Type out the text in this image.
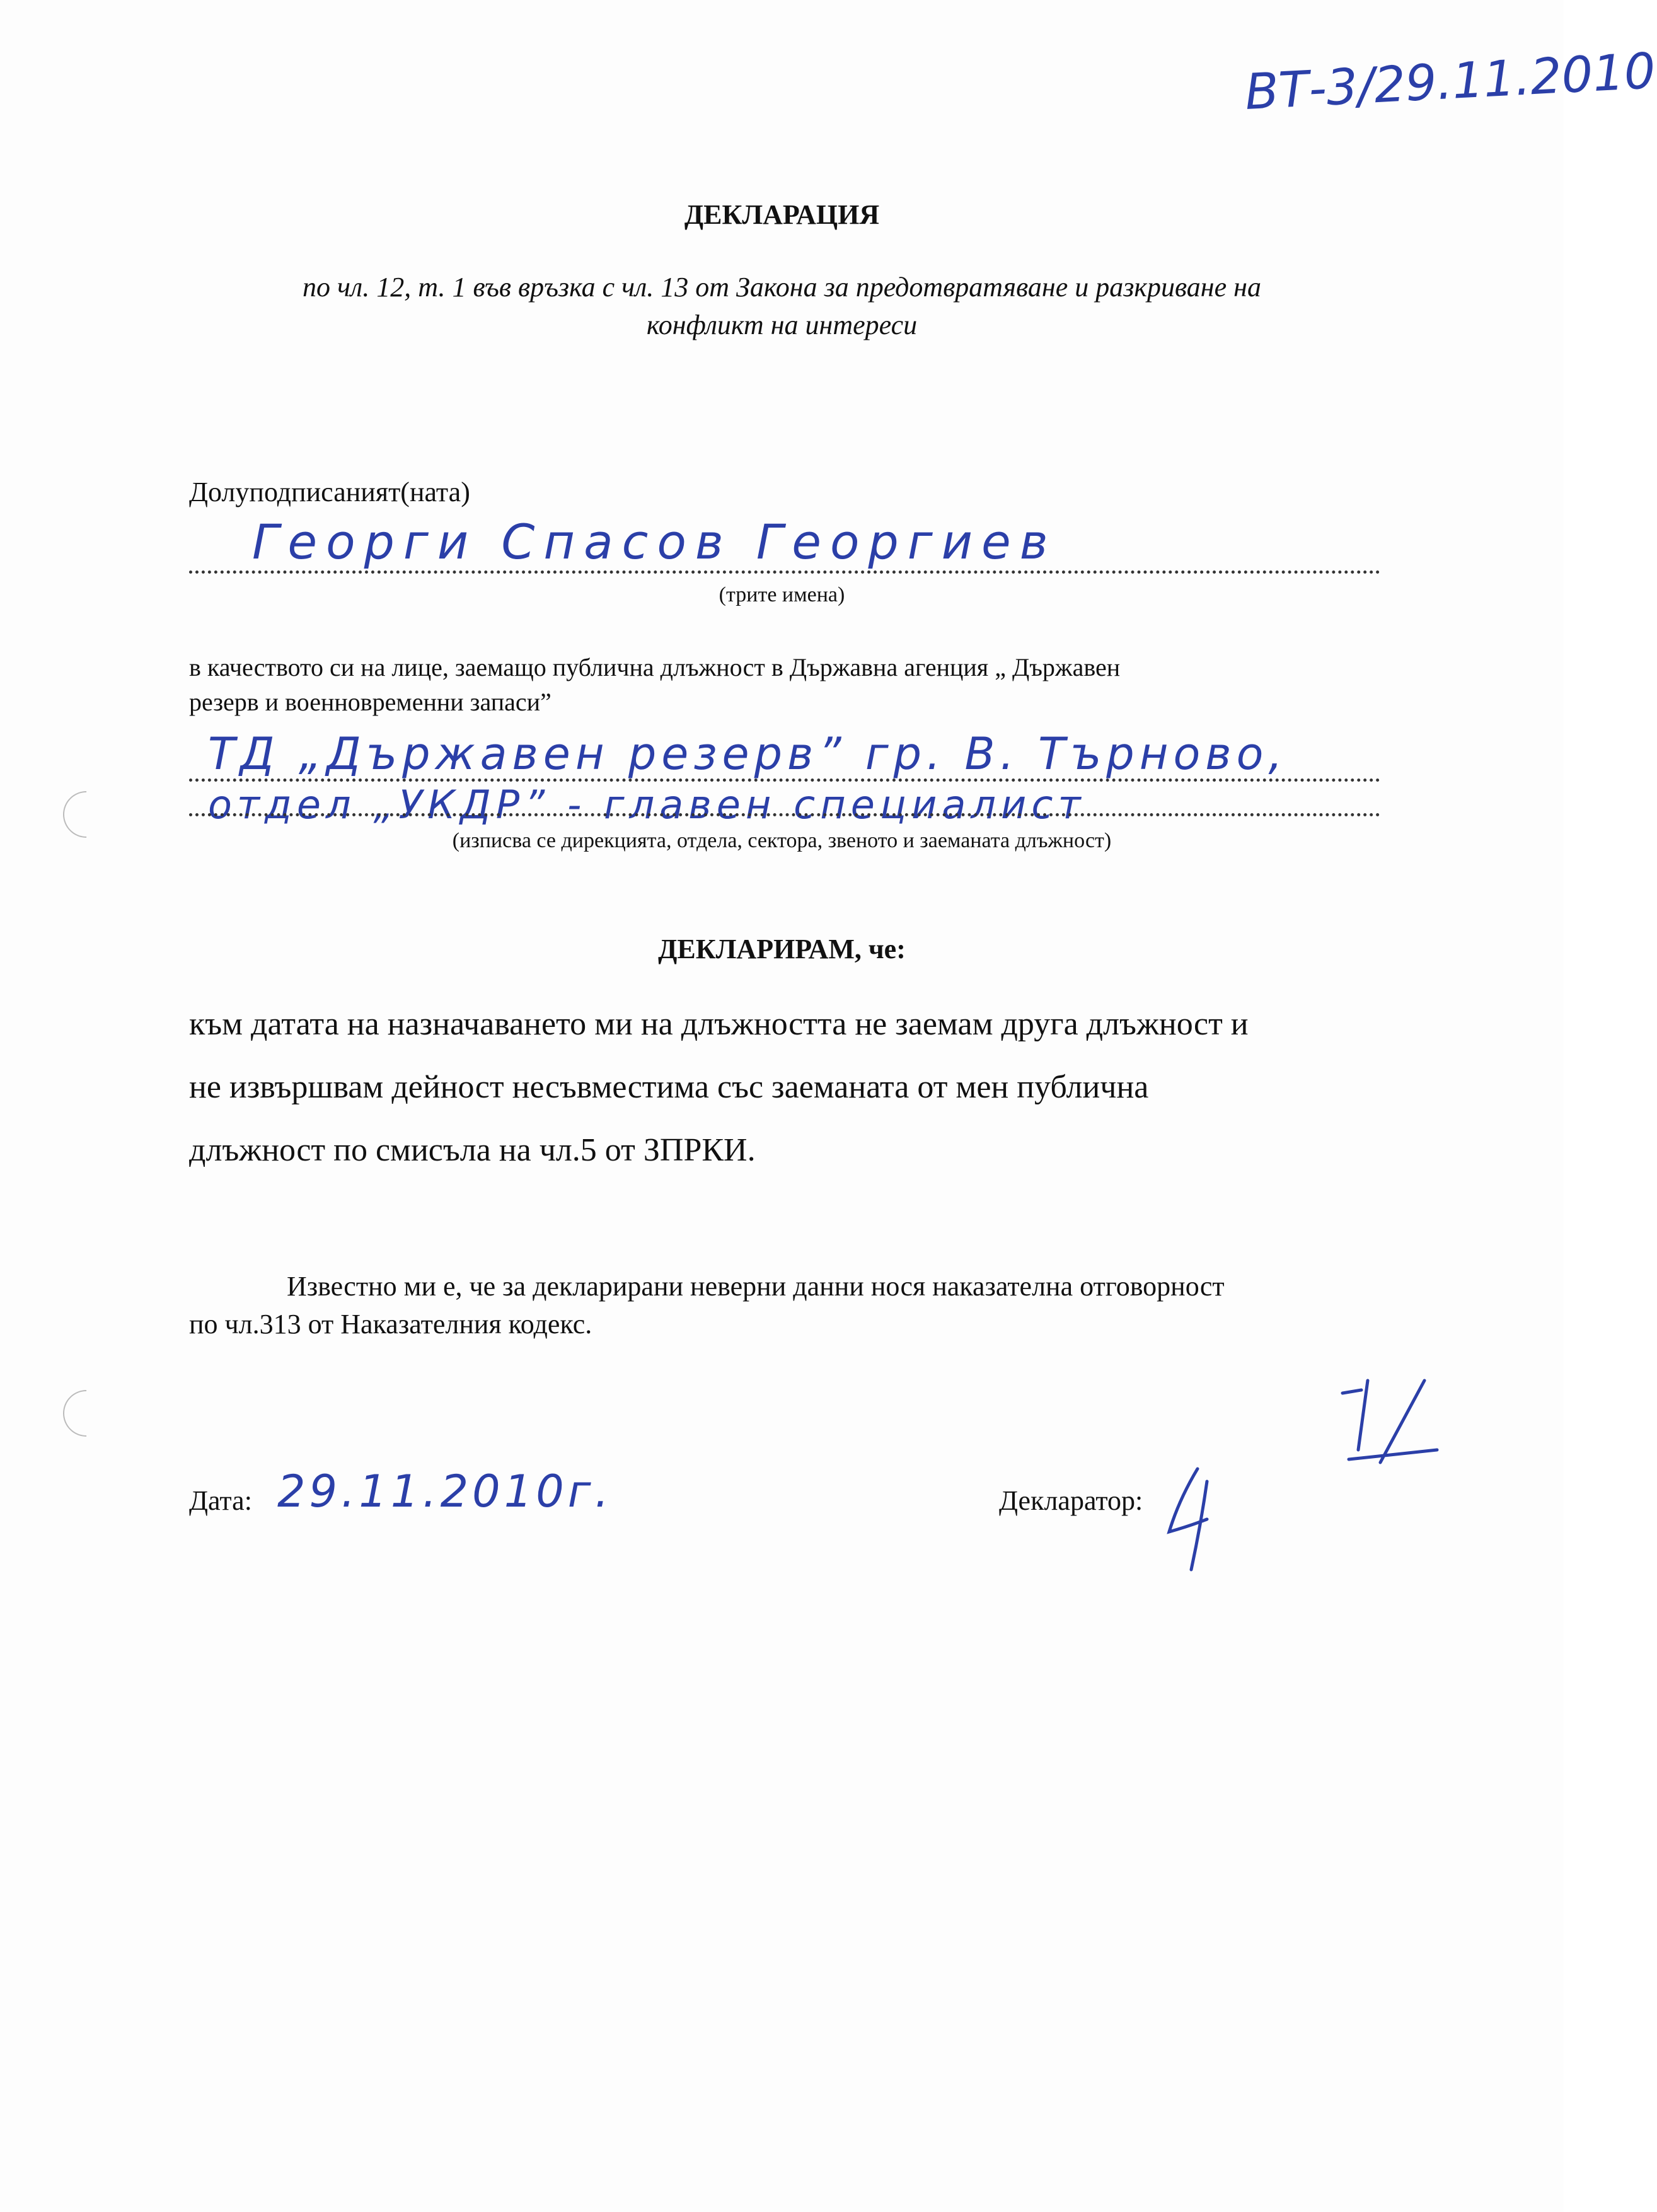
ВТ-3/29.11.2010
ДЕКЛАРАЦИЯ
по чл. 12, т. 1 във връзка с чл. 13 от Закона за предотвратяване и разкриване на
конфликт на интереси
Долуподписаният(ната)
Георги Спасов Георгиев
(трите имена)
в качеството си на лице, заемащо публична длъжност в Държавна агенция „ Държавен
резерв и военновременни запаси”
ТД „Държавен резерв” гр. В. Търново,
отдел „УКДР” - главен специалист
(изписва се дирекцията, отдела, сектора, звеното и заеманата длъжност)
ДЕКЛАРИРАМ, че:
към датата на назначаването ми на длъжността не заемам друга длъжност и
не извършвам дейност несъвместима със заеманата от мен публична
длъжност по смисъла на чл.5 от ЗПРКИ.
Известно ми е, че за декларирани неверни данни нося наказателна отговорност
по чл.313 от Наказателния кодекс.
Дата: 29.11.2010г.	Декларатор:
